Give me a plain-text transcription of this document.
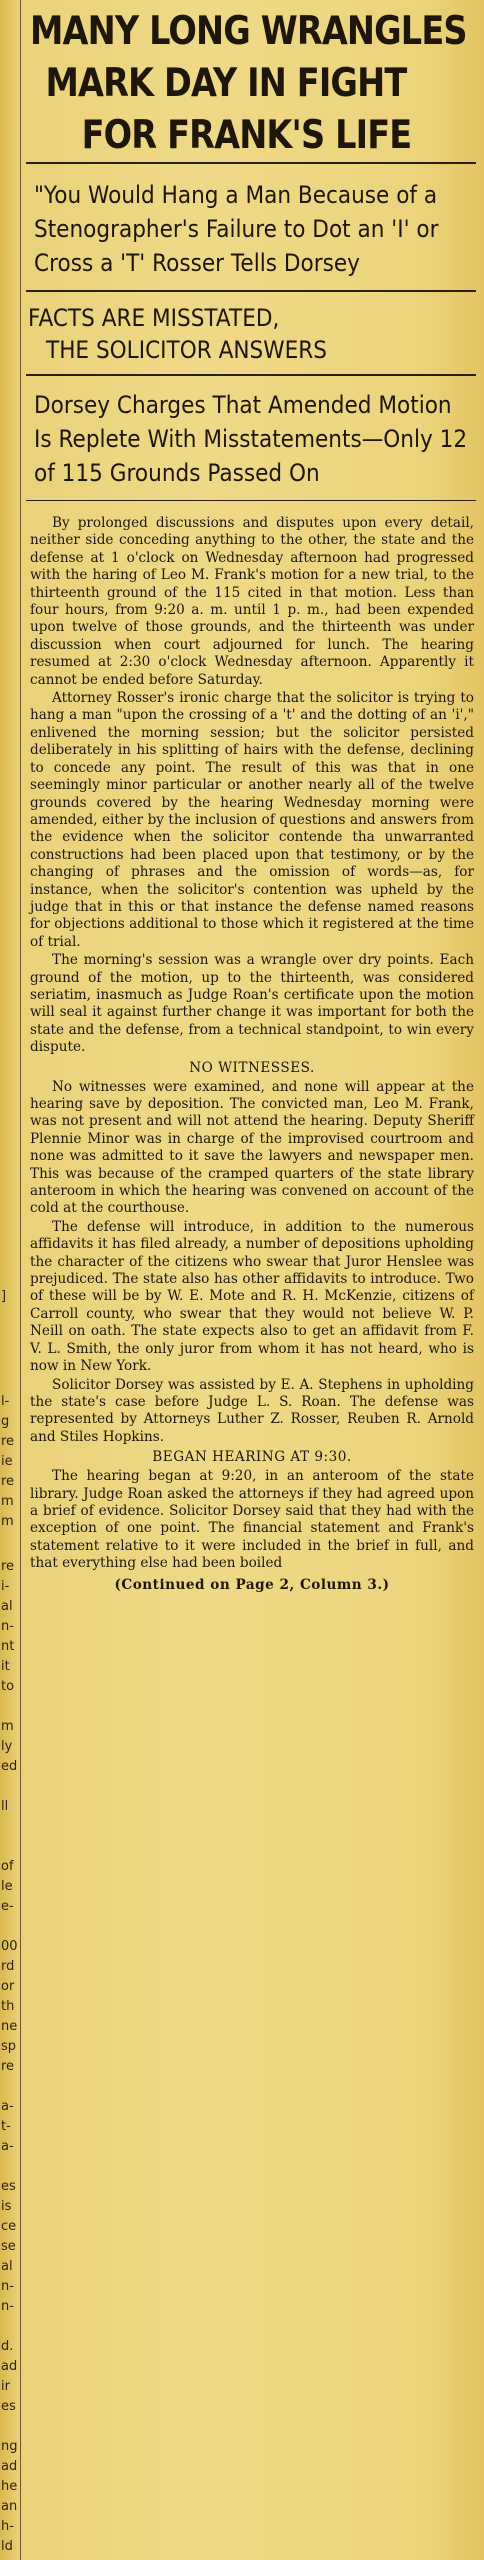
]
l-
g
re
ie
re
m
m
re
i-
al
n-
nt
it
to
m
ly
ed
ll
of
le
e-
00
rd
or
th
ne
sp
re
a-
t-
a-
es
is
ce
se
al
n-
n-
d.
ad
ir
es
ng
ad
he
an
h-
ld
MANY LONG WRANGLES
MARK DAY IN FIGHT
FOR FRANK'S LIFE
"You Would Hang a Man Because of a Stenographer's Failure to Dot an 'I' or Cross a 'T' Rosser Tells Dorsey
FACTS ARE MISSTATED,
THE SOLICITOR ANSWERS
Dorsey Charges That Amended Motion Is Replete With Misstatements—Only 12 of 115 Grounds Passed On

By prolonged discussions and disputes upon every detail, neither side conceding anything to the other, the state and the defense at 1 o'clock on Wednesday afternoon had progressed with the haring of Leo M. Frank's motion for a new trial, to the thirteenth ground of the 115 cited in that motion. Less than four hours, from 9:20 a. m. until 1 p. m., had been expended upon twelve of those grounds, and the thirteenth was under discussion when court adjourned for lunch. The hearing resumed at 2:30 o'clock Wednesday afternoon. Apparently it cannot be ended before Saturday.

Attorney Rosser's ironic charge that the solicitor is trying to hang a man "upon the crossing of a 't' and the dotting of an 'i'," enlivened the morning session; but the solicitor persisted deliberately in his splitting of hairs with the defense, declining to concede any point. The result of this was that in one seemingly minor particular or another nearly all of the twelve grounds covered by the hearing Wednesday morning were amended, either by the inclusion of questions and answers from the evidence when the solicitor contende tha unwarranted constructions had been placed upon that testimony, or by the changing of phrases and the omission of words—as, for instance, when the solicitor's contention was upheld by the judge that in this or that instance the defense named reasons for objections additional to those which it registered at the time of trial.

The morning's session was a wrangle over dry points. Each ground of the motion, up to the thirteenth, was considered seriatim, inasmuch as Judge Roan's certificate upon the motion will seal it against further change it was important for both the state and the defense, from a technical standpoint, to win every dispute.

NO WITNESSES.

No witnesses were examined, and none will appear at the hearing save by deposition. The convicted man, Leo M. Frank, was not present and will not attend the hearing. Deputy Sheriff Plennie Minor was in charge of the improvised courtroom and none was admitted to it save the lawyers and newspaper men. This was because of the cramped quarters of the state library anteroom in which the hearing was convened on account of the cold at the courthouse.

The defense will introduce, in addition to the numerous affidavits it has filed already, a number of depositions upholding the character of the citizens who swear that Juror Henslee was prejudiced. The state also has other affidavits to introduce. Two of these will be by W. E. Mote and R. H. McKenzie, citizens of Carroll county, who swear that they would not believe W. P. Neill on oath. The state expects also to get an affidavit from F. V. L. Smith, the only juror from whom it has not heard, who is now in New York.

Solicitor Dorsey was assisted by E. A. Stephens in upholding the state's case before Judge L. S. Roan. The defense was represented by Attorneys Luther Z. Rosser, Reuben R. Arnold and Stiles Hopkins.

BEGAN HEARING AT 9:30.

The hearing began at 9:20, in an anteroom of the state library. Judge Roan asked the attorneys if they had agreed upon a brief of evidence. Solicitor Dorsey said that they had with the exception of one point. The financial statement and Frank's statement relative to it were included in the brief in full, and that everything else had been boiled

(Continued on Page 2, Column 3.)
